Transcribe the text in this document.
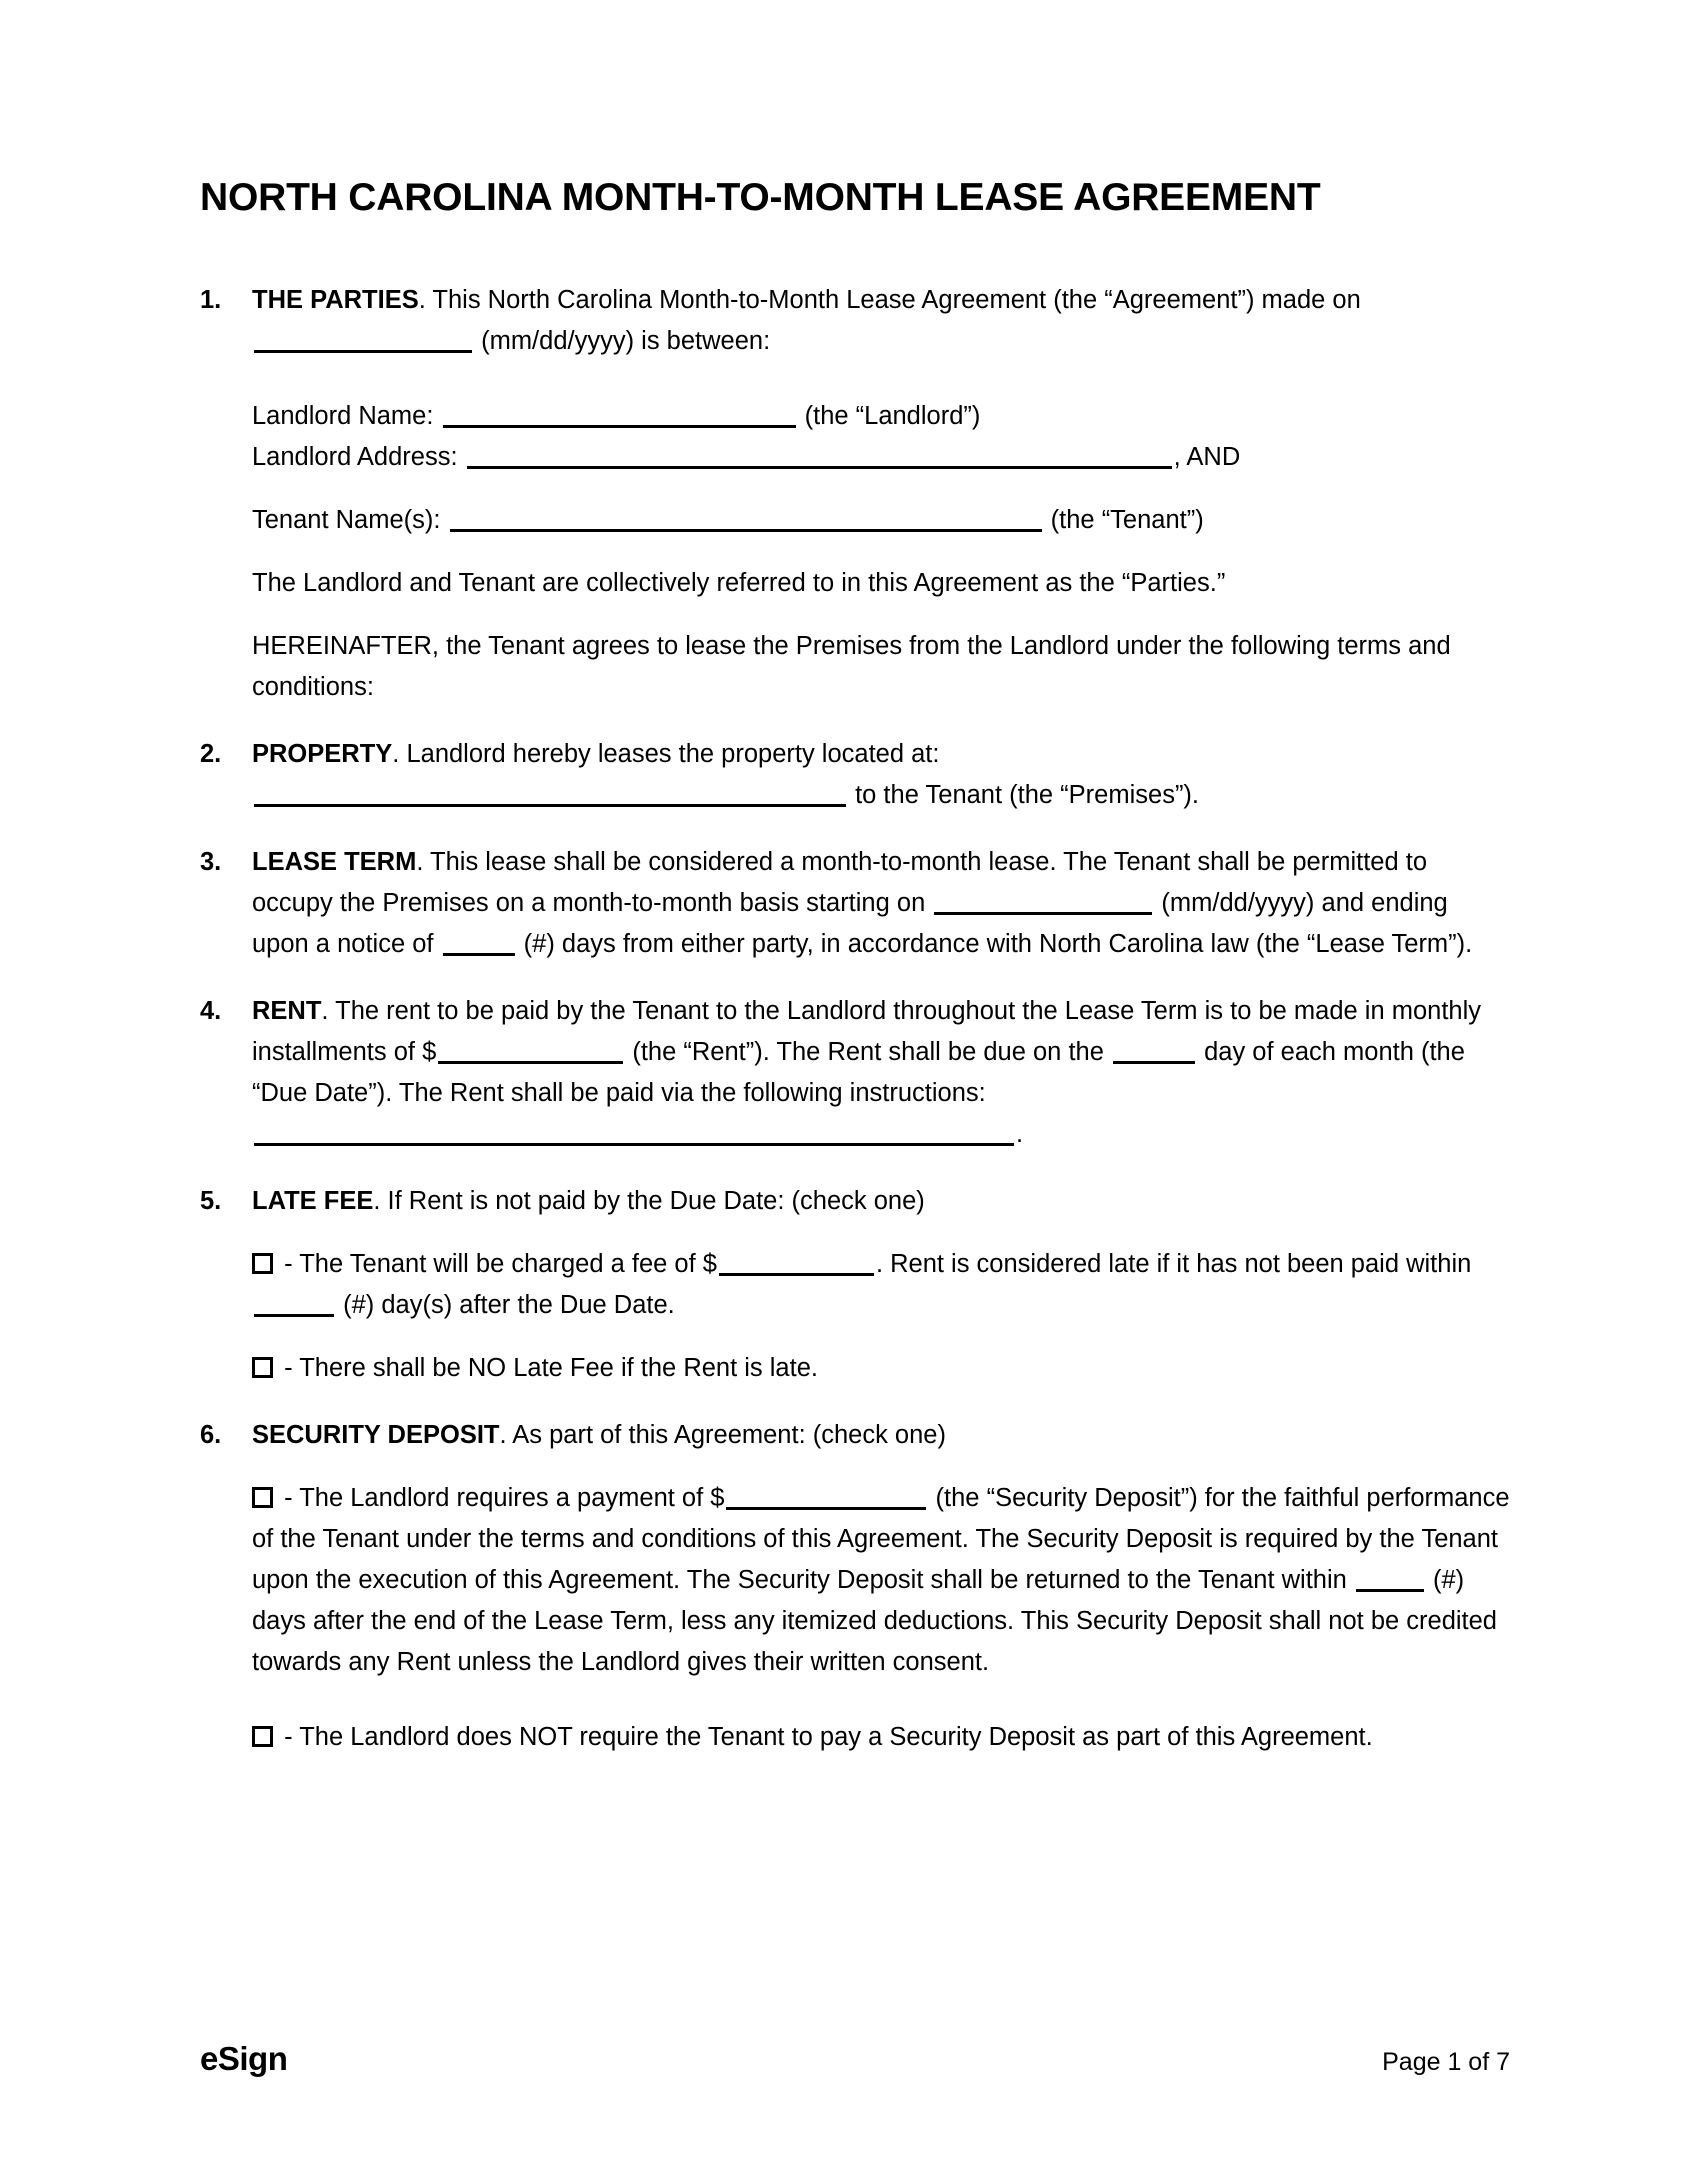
NORTH CAROLINA MONTH-TO-MONTH LEASE AGREEMENT
1.	THE PARTIES. This North Carolina Month-to-Month Lease Agreement (the “Agreement”) made on  (mm/dd/yyyy) is between:

Landlord Name:	(the “Landlord”)

Landlord Address:	, AND

Tenant Name(s):	(the “Tenant”)

The Landlord and Tenant are collectively referred to in this Agreement as the “Parties.”

HEREINAFTER, the Tenant agrees to lease the Premises from the Landlord under the following terms and conditions:

2.	PROPERTY. Landlord hereby leases the property located at:

to the Tenant (the “Premises”).

3.	LEASE TERM. This lease shall be considered a month-to-month lease. The Tenant shall be permitted to occupy the Premises on a month-to-month basis starting on	(mm/dd/yyyy) and ending upon a notice of	(#) days from either party, in accordance with North Carolina law (the “Lease Term”).

4.	RENT. The rent to be paid by the Tenant to the Landlord throughout the Lease Term is to be made in monthly installments of $	(the “Rent”). The Rent shall be due on the	day of each month (the “Due Date”). The Rent shall be paid via the following instructions: .

5.	LATE FEE. If Rent is not paid by the Due Date: (check one)

- The Tenant will be charged a fee of $	. Rent is considered late if it has not been paid within  (#) day(s) after the Due Date.

- There shall be NO Late Fee if the Rent is late.

6.	SECURITY DEPOSIT. As part of this Agreement: (check one)

- The Landlord requires a payment of $	(the “Security Deposit”) for the faithful performance of the Tenant under the terms and conditions of this Agreement. The Security Deposit is required by the Tenant upon the execution of this Agreement. The Security Deposit shall be returned to the Tenant within	(#) days after the end of the Lease Term, less any itemized deductions. This Security Deposit shall not be credited towards any Rent unless the Landlord gives their written consent.

- The Landlord does NOT require the Tenant to pay a Security Deposit as part of this Agreement.

eSign	Page 1 of 7
